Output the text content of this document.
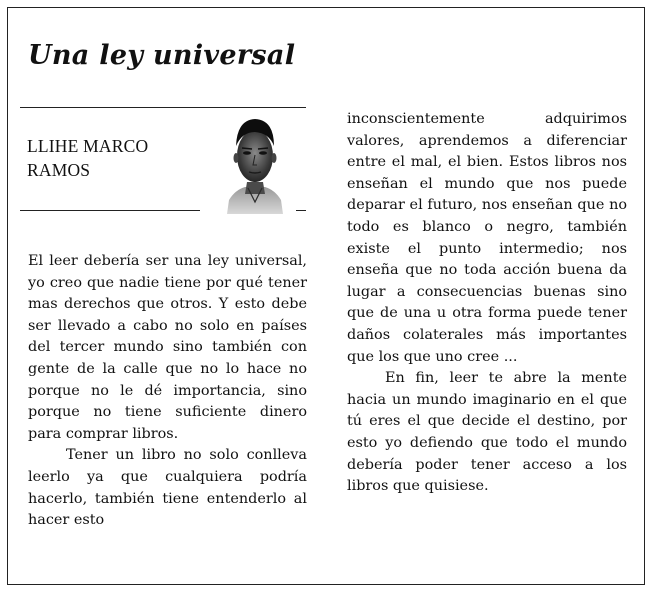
Una ley universal
LLIHE MARCO
RAMOS

El leer debería ser una ley universal, yo creo que nadie tiene por qué tener mas derechos que otros. Y esto debe ser llevado a cabo no solo en países del tercer mundo sino también con gente de la calle que no lo hace no porque no le dé importancia, sino porque no tiene suficiente dinero para comprar libros.

Tener un libro no solo conlleva leerlo ya que cualquiera podría hacerlo, también tiene entenderlo al hacer esto

inconscientemente adquirimos valores, aprendemos a diferenciar entre el mal, el bien. Estos libros nos enseñan el mundo que nos puede deparar el futuro, nos enseñan que no todo es blanco o negro, también existe el punto intermedio; nos enseña que no toda acción buena da lugar a consecuencias buenas sino que de una u otra forma puede tener daños colaterales más importantes que los que uno cree ...

En fin, leer te abre la mente hacia un mundo imaginario en el que tú eres el que decide el destino, por esto yo defiendo que todo el mundo debería poder tener acceso a los libros que quisiese.
